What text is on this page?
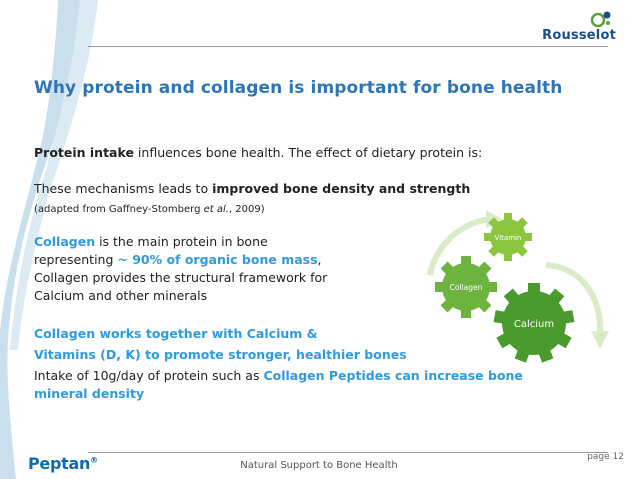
Rousselot
Why protein and collagen is important for bone health
Protein intake influences bone health. The effect of dietary protein is:
These mechanisms leads to improved bone density and strength
(adapted from Gaffney-Stomberg et al., 2009)
Collagen is the main protein in bone
representing ~ 90% of organic bone mass,
Collagen provides the structural framework for
Calcium and other minerals
Collagen works together with Calcium &
Vitamins (D, K) to promote stronger, healthier bones
Intake of 10g/day of protein such as Collagen Peptides can increase bone
mineral density
Vitamin
Collagen
Calcium
Peptan®	Natural Support to Bone Health
page 12
